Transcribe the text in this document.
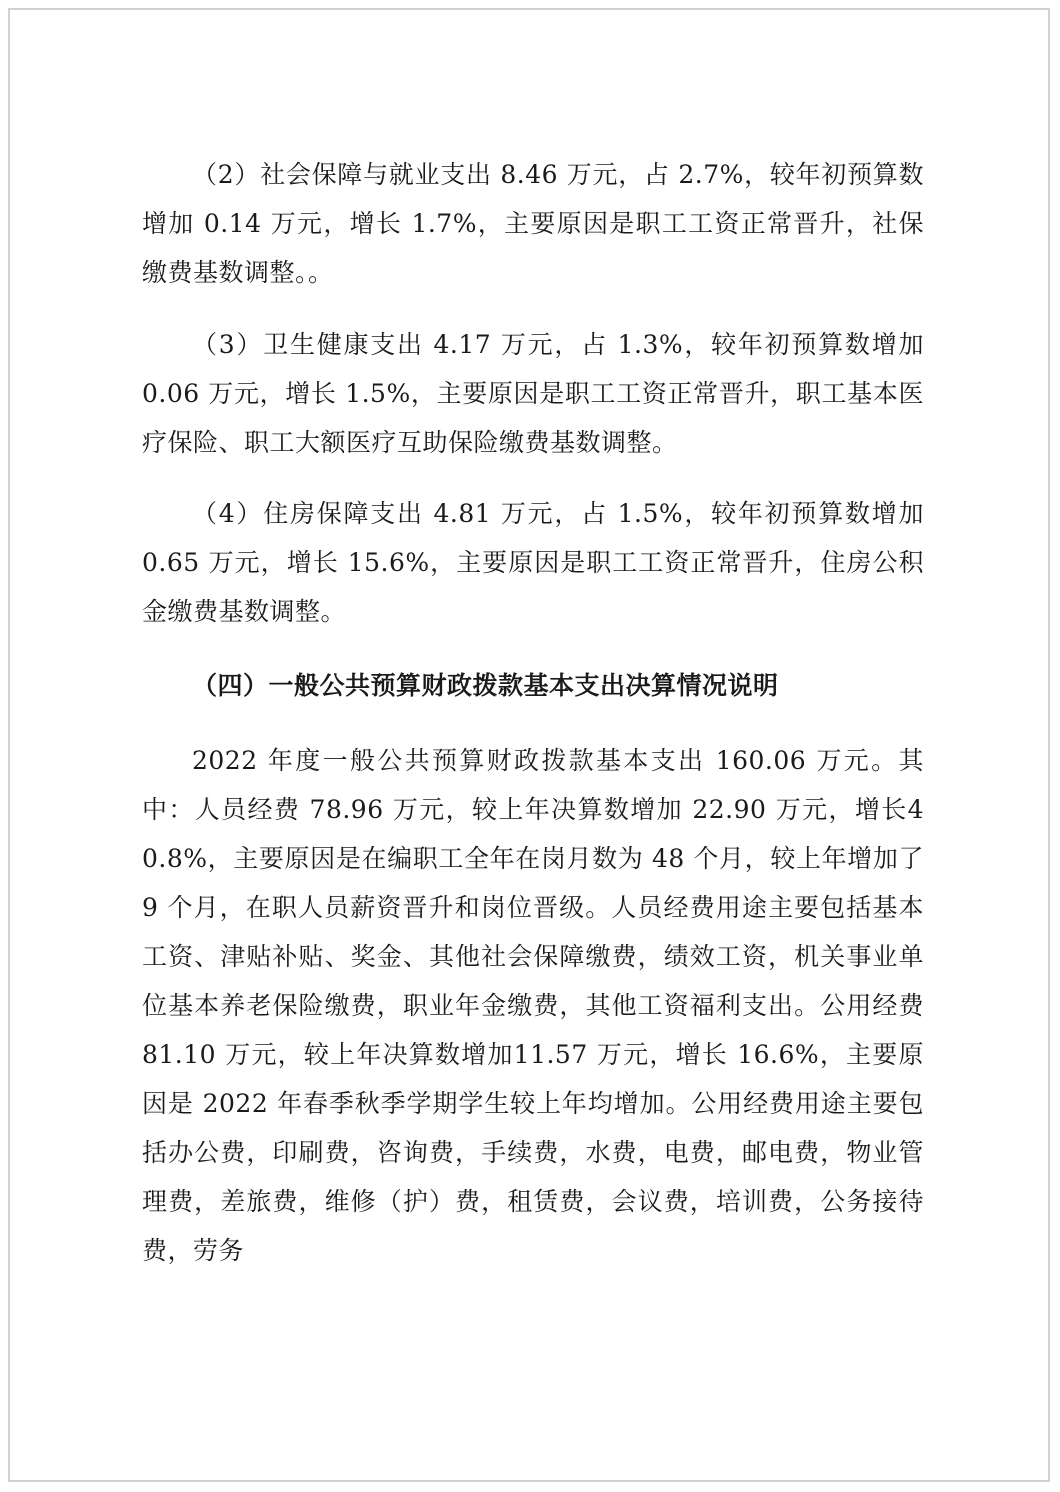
（2）社会保障与就业支出 8.46 万元，占 2.7%，较年初预算数增加 0.14 万元，增长 1.7%，主要原因是职工工资正常晋升，社保缴费基数调整。。

（3）卫生健康支出 4.17 万元，占 1.3%，较年初预算数增加 0.06 万元，增长 1.5%，主要原因是职工工资正常晋升，职工基本医疗保险、职工大额医疗互助保险缴费基数调整。

（4）住房保障支出 4.81 万元，占 1.5%，较年初预算数增加 0.65 万元，增长 15.6%，主要原因是职工工资正常晋升，住房公积金缴费基数调整。

（四）一般公共预算财政拨款基本支出决算情况说明

2022 年度一般公共预算财政拨款基本支出 160.06 万元。其中：人员经费 78.96 万元，较上年决算数增加 22.90 万元，增长40.8%，主要原因是在编职工全年在岗月数为 48 个月，较上年增加了 9 个月，在职人员薪资晋升和岗位晋级。人员经费用途主要包括基本工资、津贴补贴、奖金、其他社会保障缴费，绩效工资，机关事业单位基本养老保险缴费，职业年金缴费，其他工资福利支出。公用经费 81.10 万元，较上年决算数增加11.57 万元，增长 16.6%，主要原因是 2022 年春季秋季学期学生较上年均增加。公用经费用途主要包括办公费，印刷费，咨询费，手续费，水费，电费，邮电费，物业管理费，差旅费，维修（护）费，租赁费，会议费，培训费，公务接待费，劳务
